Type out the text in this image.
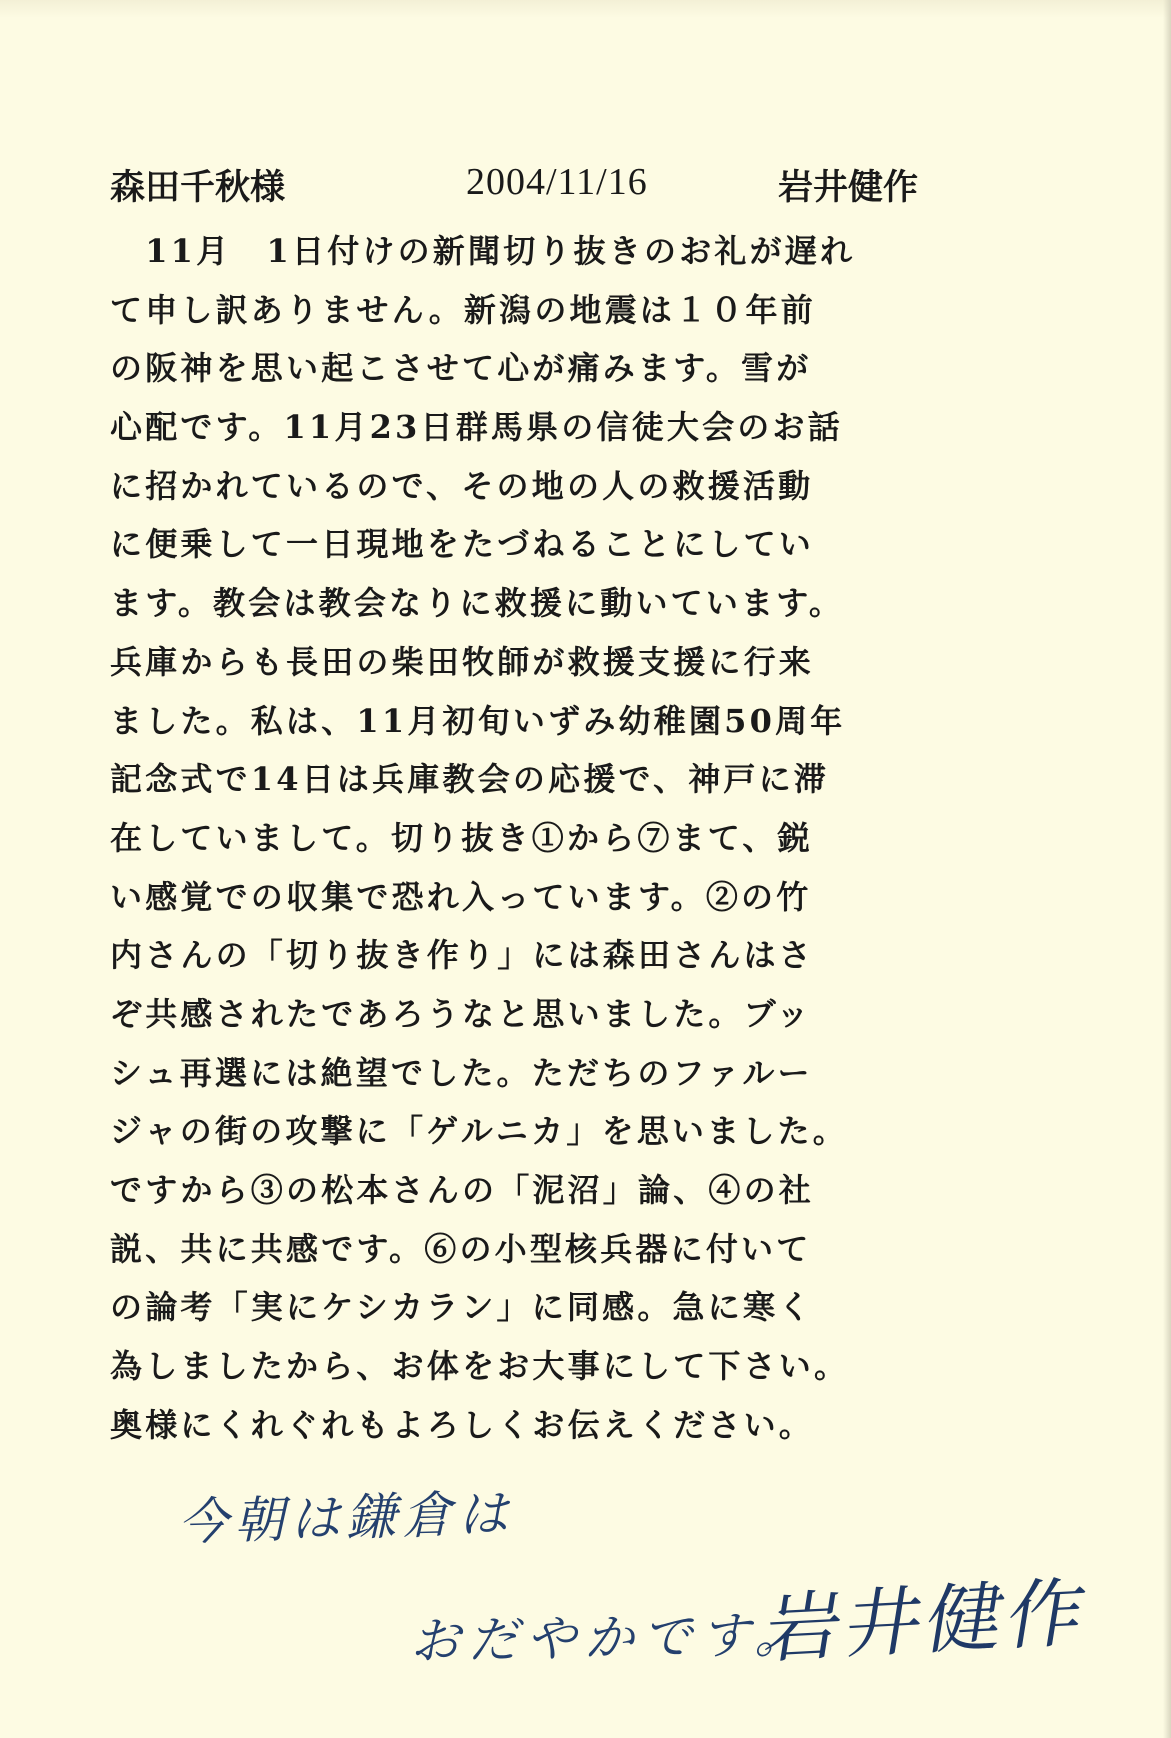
森田千秋様	2004/11/16	岩井健作
　11月　1日付けの新聞切り抜きのお礼が遅れ
て申し訳ありません。新潟の地震は１０年前
の阪神を思い起こさせて心が痛みます。雪が
心配です。11月23日群馬県の信徒大会のお話
に招かれているので、その地の人の救援活動
に便乗して一日現地をたづねることにしてい
ます。教会は教会なりに救援に動いています。
兵庫からも長田の柴田牧師が救援支援に行来
ました。私は、11月初旬いずみ幼稚園50周年
記念式で14日は兵庫教会の応援で、神戸に滞
在していまして。切り抜き①から⑦まて、鋭
い感覚での収集で恐れ入っています。②の竹
内さんの「切り抜き作り」には森田さんはさ
ぞ共感されたであろうなと思いました。ブッ
シュ再選には絶望でした。ただちのファルー
ジャの街の攻撃に「ゲルニカ」を思いました。
ですから③の松本さんの「泥沼」論、④の社
説、共に共感です。⑥の小型核兵器に付いて
の論考「実にケシカラン」に同感。急に寒く
為しましたから、お体をお大事にして下さい。
奥様にくれぐれもよろしくお伝えください。
今朝は鎌倉は
おだやかです。
岩井健作
